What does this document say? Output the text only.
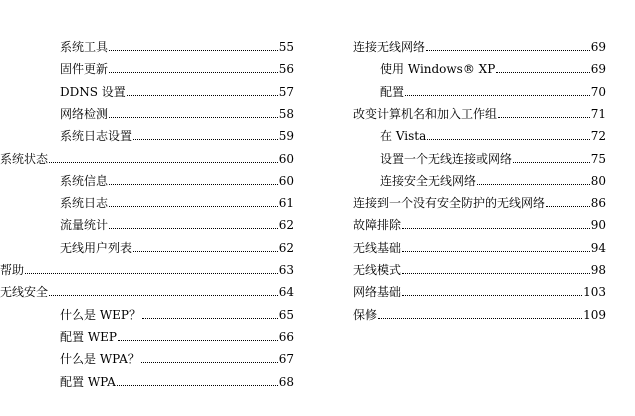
系统工具	55
固件更新	56
DDNS 设置	57
网络检测	58
系统日志设置	59
系统状态	60
系统信息	60
系统日志	61
流量统计	62
无线用户列表	62
帮助	63
无线安全	64
什么是 WEP？	65
配置 WEP	66
什么是 WPA？	67
配置 WPA	68
连接无线网络	69
使用 Windows® XP	69
配置	70
改变计算机名和加入工作组	71
在 Vista	72
设置一个无线连接或网络	75
连接安全无线网络	80
连接到一个没有安全防护的无线网络	86
故障排除	90
无线基础	94
无线模式	98
网络基础	103
保修	109
